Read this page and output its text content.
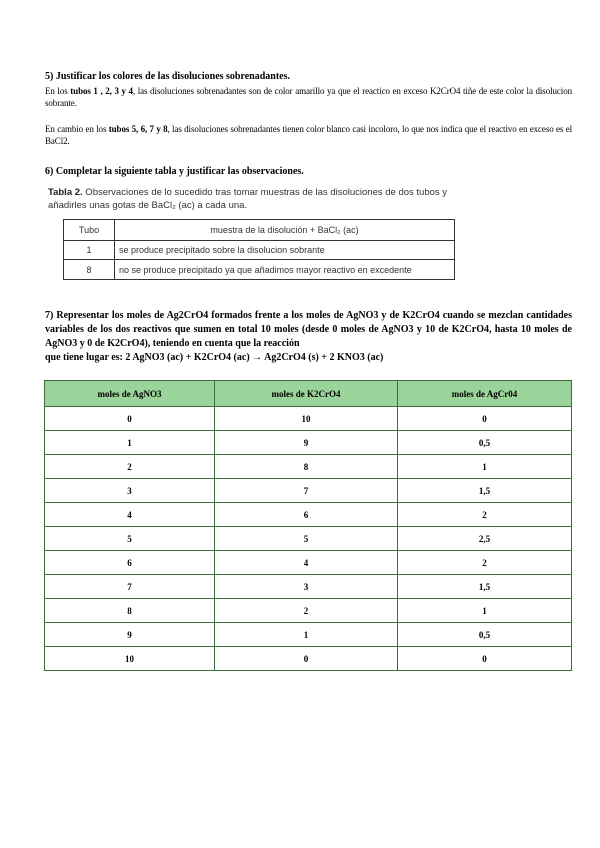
5) Justificar los colores de las disoluciones sobrenadantes.

En los tubos 1 , 2, 3 y 4, las disoluciones sobrenadantes son de color amarillo ya que el reactico en exceso K2CrO4 tiñe de este color la disolucion sobrante.

En cambio en los tubos 5, 6, 7 y 8, las disoluciones sobrenadantes tienen color blanco casi incoloro, lo que nos indica que el reactivo en exceso es el BaCl2.

6) Completar la siguiente tabla y justificar las observaciones.

Tabla 2. Observaciones de lo sucedido tras tomar muestras de las disoluciones de dos tubos y añadirles unas gotas de BaCl₂ (ac) a cada una.
Tubo	muestra de la disolución + BaCl₂ (ac)
1	se produce precipitado sobre la disolucion sobrante
8	no se produce precipitado ya que añadimos mayor reactivo en excedente

7) Representar los moles de Ag2CrO4 formados frente a los moles de AgNO3 y de K2CrO4 cuando se mezclan cantidades variables de los dos reactivos que sumen en total 10 moles (desde 0 moles de AgNO3 y 10 de K2CrO4, hasta 10 moles de AgNO3 y 0 de K2CrO4), teniendo en cuenta que la reacción

que tiene lugar es: 2 AgNO3 (ac) + K2CrO4 (ac) → Ag2CrO4 (s) + 2 KNO3 (ac)

moles de AgNO3	moles de K2CrO4	moles de AgCr04
0	10	0
1	9	0,5
2	8	1
3	7	1,5
4	6	2
5	5	2,5
6	4	2
7	3	1,5
8	2	1
9	1	0,5
10	0	0
